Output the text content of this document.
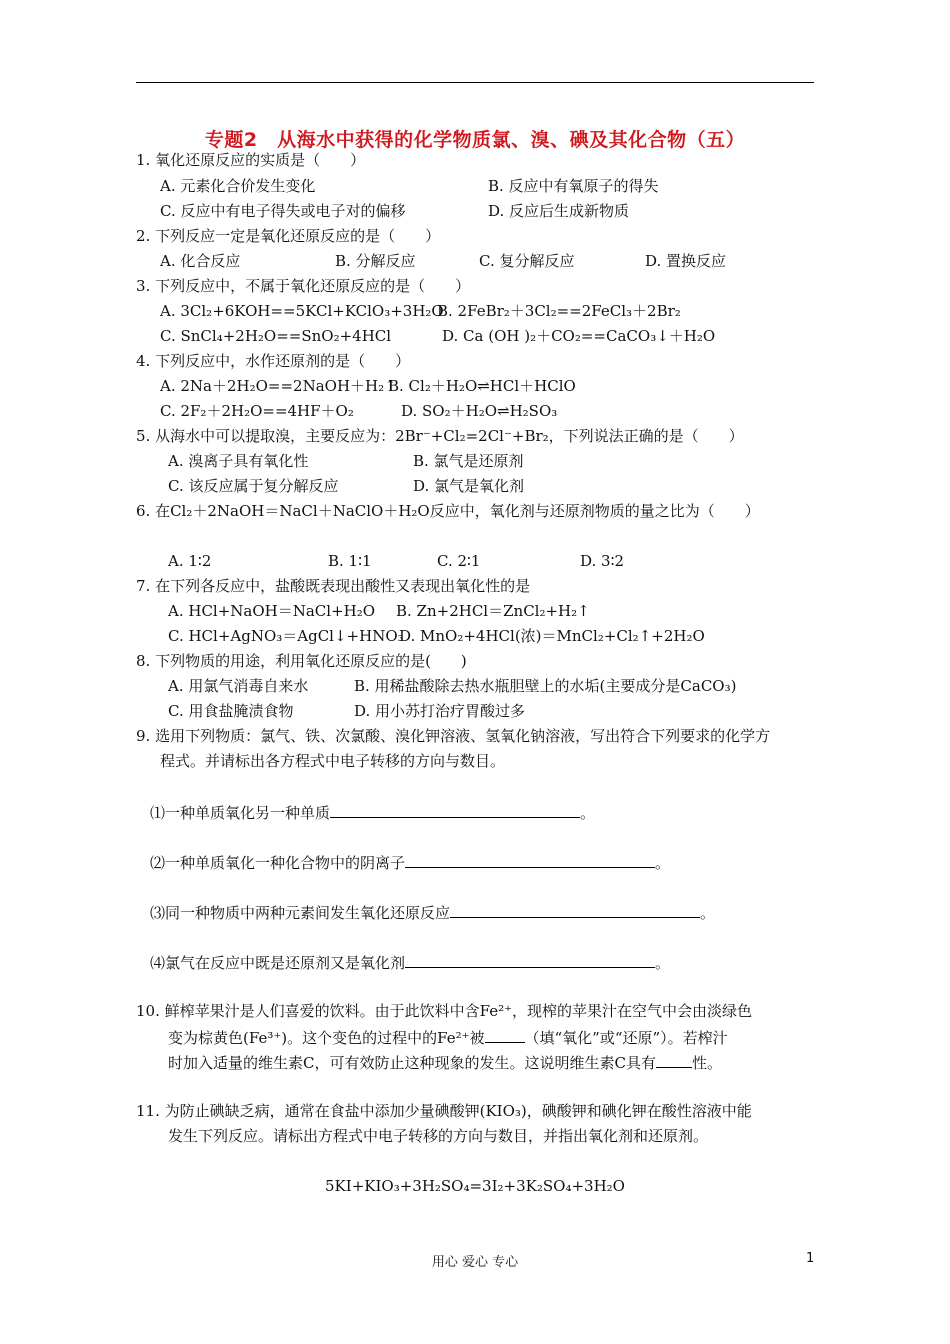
专题2　从海水中获得的化学物质氯、溴、碘及其化合物（五）
1. 氧化还原反应的实质是（　　）
A. 元素化合价发生变化	B. 反应中有氧原子的得失
C. 反应中有电子得失或电子对的偏移	D. 反应后生成新物质
2. 下列反应一定是氧化还原反应的是（　　）
A. 化合反应	B. 分解反应	C. 复分解反应	D. 置换反应
3. 下列反应中，不属于氧化还原反应的是（　　）
A. 3Cl₂+6KOH==5KCl+KClO₃+3H₂O
B. 2FeBr₂＋3Cl₂==2FeCl₃＋2Br₂
C. SnCl₄+2H₂O==SnO₂+4HCl	D. Ca (OH )₂＋CO₂==CaCO₃↓＋H₂O
4. 下列反应中，水作还原剂的是（　　）
A. 2Na＋2H₂O==2NaOH＋H₂↑
B. Cl₂＋H₂O⇌HCl＋HClO
C. 2F₂＋2H₂O==4HF＋O₂	D. SO₂＋H₂O⇌H₂SO₃
5. 从海水中可以提取溴，主要反应为：2Br⁻+Cl₂=2Cl⁻+Br₂，下列说法正确的是（　　）
A. 溴离子具有氧化性	B. 氯气是还原剂
C. 该反应属于复分解反应	D. 氯气是氧化剂
6. 在Cl₂＋2NaOH＝NaCl＋NaClO＋H₂O反应中，氧化剂与还原剂物质的量之比为（　　）
A. 1∶2	B. 1∶1	C. 2∶1	D. 3∶2
7. 在下列各反应中，盐酸既表现出酸性又表现出氧化性的是
A. HCl+NaOH＝NaCl+H₂O B. Zn+2HCl＝ZnCl₂+H₂↑
C. HCl+AgNO₃＝AgCl↓+HNO₃
D. MnO₂+4HCl(浓)＝MnCl₂+Cl₂↑+2H₂O
8. 下列物质的用途，利用氧化还原反应的是(　　)
A. 用氯气消毒自来水	B. 用稀盐酸除去热水瓶胆壁上的水垢(主要成分是CaCO₃)
C. 用食盐腌渍食物	D. 用小苏打治疗胃酸过多
9. 选用下列物质：氯气、铁、次氯酸、溴化钾溶液、氢氧化钠溶液，写出符合下列要求的化学方
程式。并请标出各方程式中电子转移的方向与数目。
⑴一种单质氧化另一种单质	。
⑵一种单质氧化一种化合物中的阴离子	。
⑶同一种物质中两种元素间发生氧化还原反应	。
⑷氯气在反应中既是还原剂又是氧化剂	。
10. 鲜榨苹果汁是人们喜爱的饮料。由于此饮料中含Fe²⁺，现榨的苹果汁在空气中会由淡绿色
变为棕黄色(Fe³⁺)。这个变色的过程中的Fe²⁺被	（填“氧化”或“还原”）。若榨汁
时加入适量的维生素C，可有效防止这种现象的发生。这说明维生素C具有 性。
11. 为防止碘缺乏病，通常在食盐中添加少量碘酸钾(KIO₃)，碘酸钾和碘化钾在酸性溶液中能
发生下列反应。请标出方程式中电子转移的方向与数目，并指出氧化剂和还原剂。
5KI+KIO₃+3H₂SO₄=3I₂+3K₂SO₄+3H₂O
用心 爱心 专心	1
